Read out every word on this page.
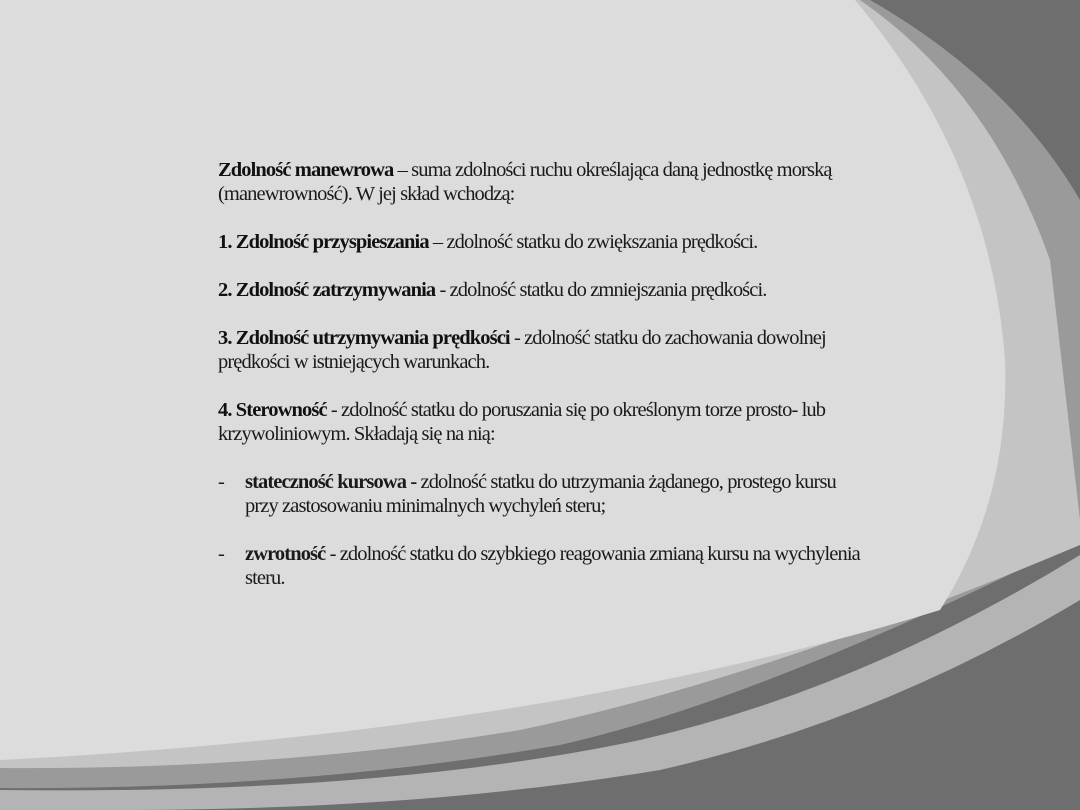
Zdolność manewrowa – suma zdolności ruchu określająca daną jednostkę morską (manewrowność). W jej skład wchodzą:

1. Zdolność przyspieszania – zdolność statku do zwiększania prędkości.

2. Zdolność zatrzymywania - zdolność statku do zmniejszania prędkości.

3. Zdolność utrzymywania prędkości - zdolność statku do zachowania dowolnej prędkości w istniejących warunkach.

4. Sterowność - zdolność statku do poruszania się po określonym torze prosto- lub krzywoliniowym. Składają się na nią:

-	stateczność kursowa - zdolność statku do utrzymania żądanego, prostego kursu przy zastosowaniu minimalnych wychyleń steru;
-	zwrotność - zdolność statku do szybkiego reagowania zmianą kursu na wychylenia steru.
